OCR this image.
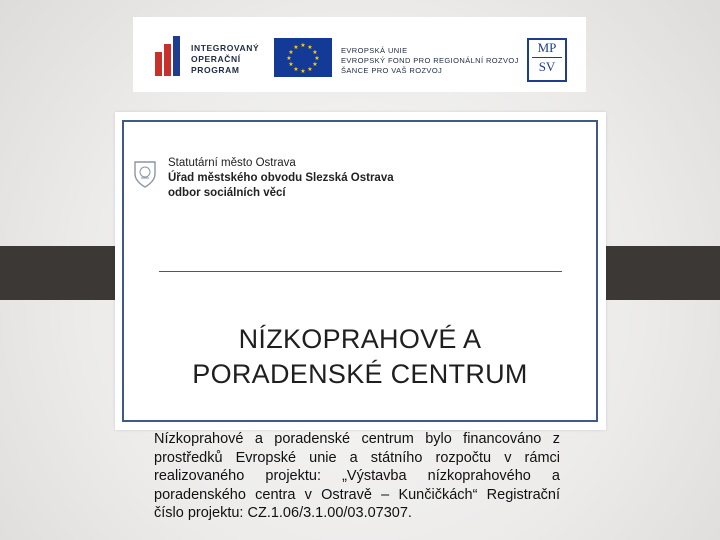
INTEGROVANÝ
OPERAČNÍ
PROGRAM
★ ★
★
★
★
★
★
★
★
★
★
★	EVROPSKÁ UNIE
EVROPSKÝ FOND PRO REGIONÁLNÍ ROZVOJ
ŠANCE PRO VAŠ ROZVOJ
MP
SV
Statutární město Ostrava
Úřad městského obvodu Slezská Ostrava
odbor sociálních věcí
NÍZKOPRAHOVÉ A
PORADENSKÉ CENTRUM
Nízkoprahové a poradenské centrum bylo financováno z prostředků Evropské unie a státního rozpočtu v rámci realizovaného projektu: „Výstavba nízkoprahového a poradenského centra v Ostravě – Kunčičkách“ Registrační číslo projektu: CZ.1.06/3.1.00/03.07307.
